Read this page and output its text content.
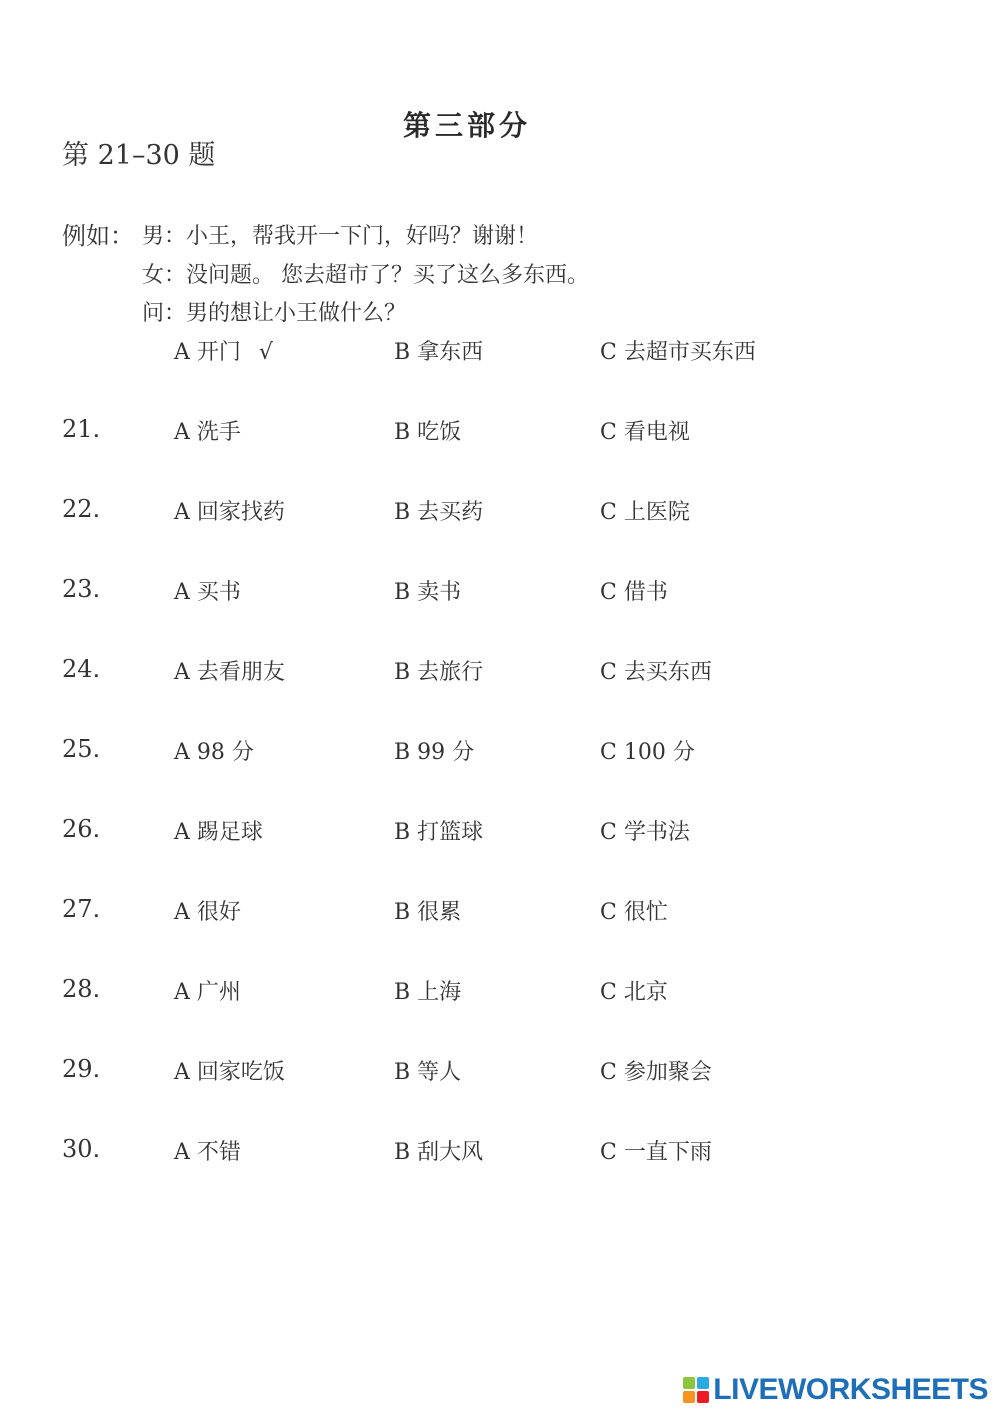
第三部分
第 21–30 题
例如： 男：小王，帮我开一下门，好吗？谢谢！
女：没问题。 您去超市了？买了这么多东西。
问：男的想让小王做什么？
A 开门 √	B 拿东西	C 去超市买东西
21.	A 洗手	B 吃饭	C 看电视
22.	A 回家找药	B 去买药	C 上医院
23.	A 买书	B 卖书	C 借书
24.	A 去看朋友	B 去旅行	C 去买东西
25.	A 98 分	B 99 分	C 100 分
26.	A 踢足球	B 打篮球	C 学书法
27.	A 很好	B 很累	C 很忙
28.	A 广州	B 上海	C 北京
29.	A 回家吃饭	B 等人	C 参加聚会
30.	A 不错	B 刮大风	C 一直下雨
LIVEWORKSHEETS
